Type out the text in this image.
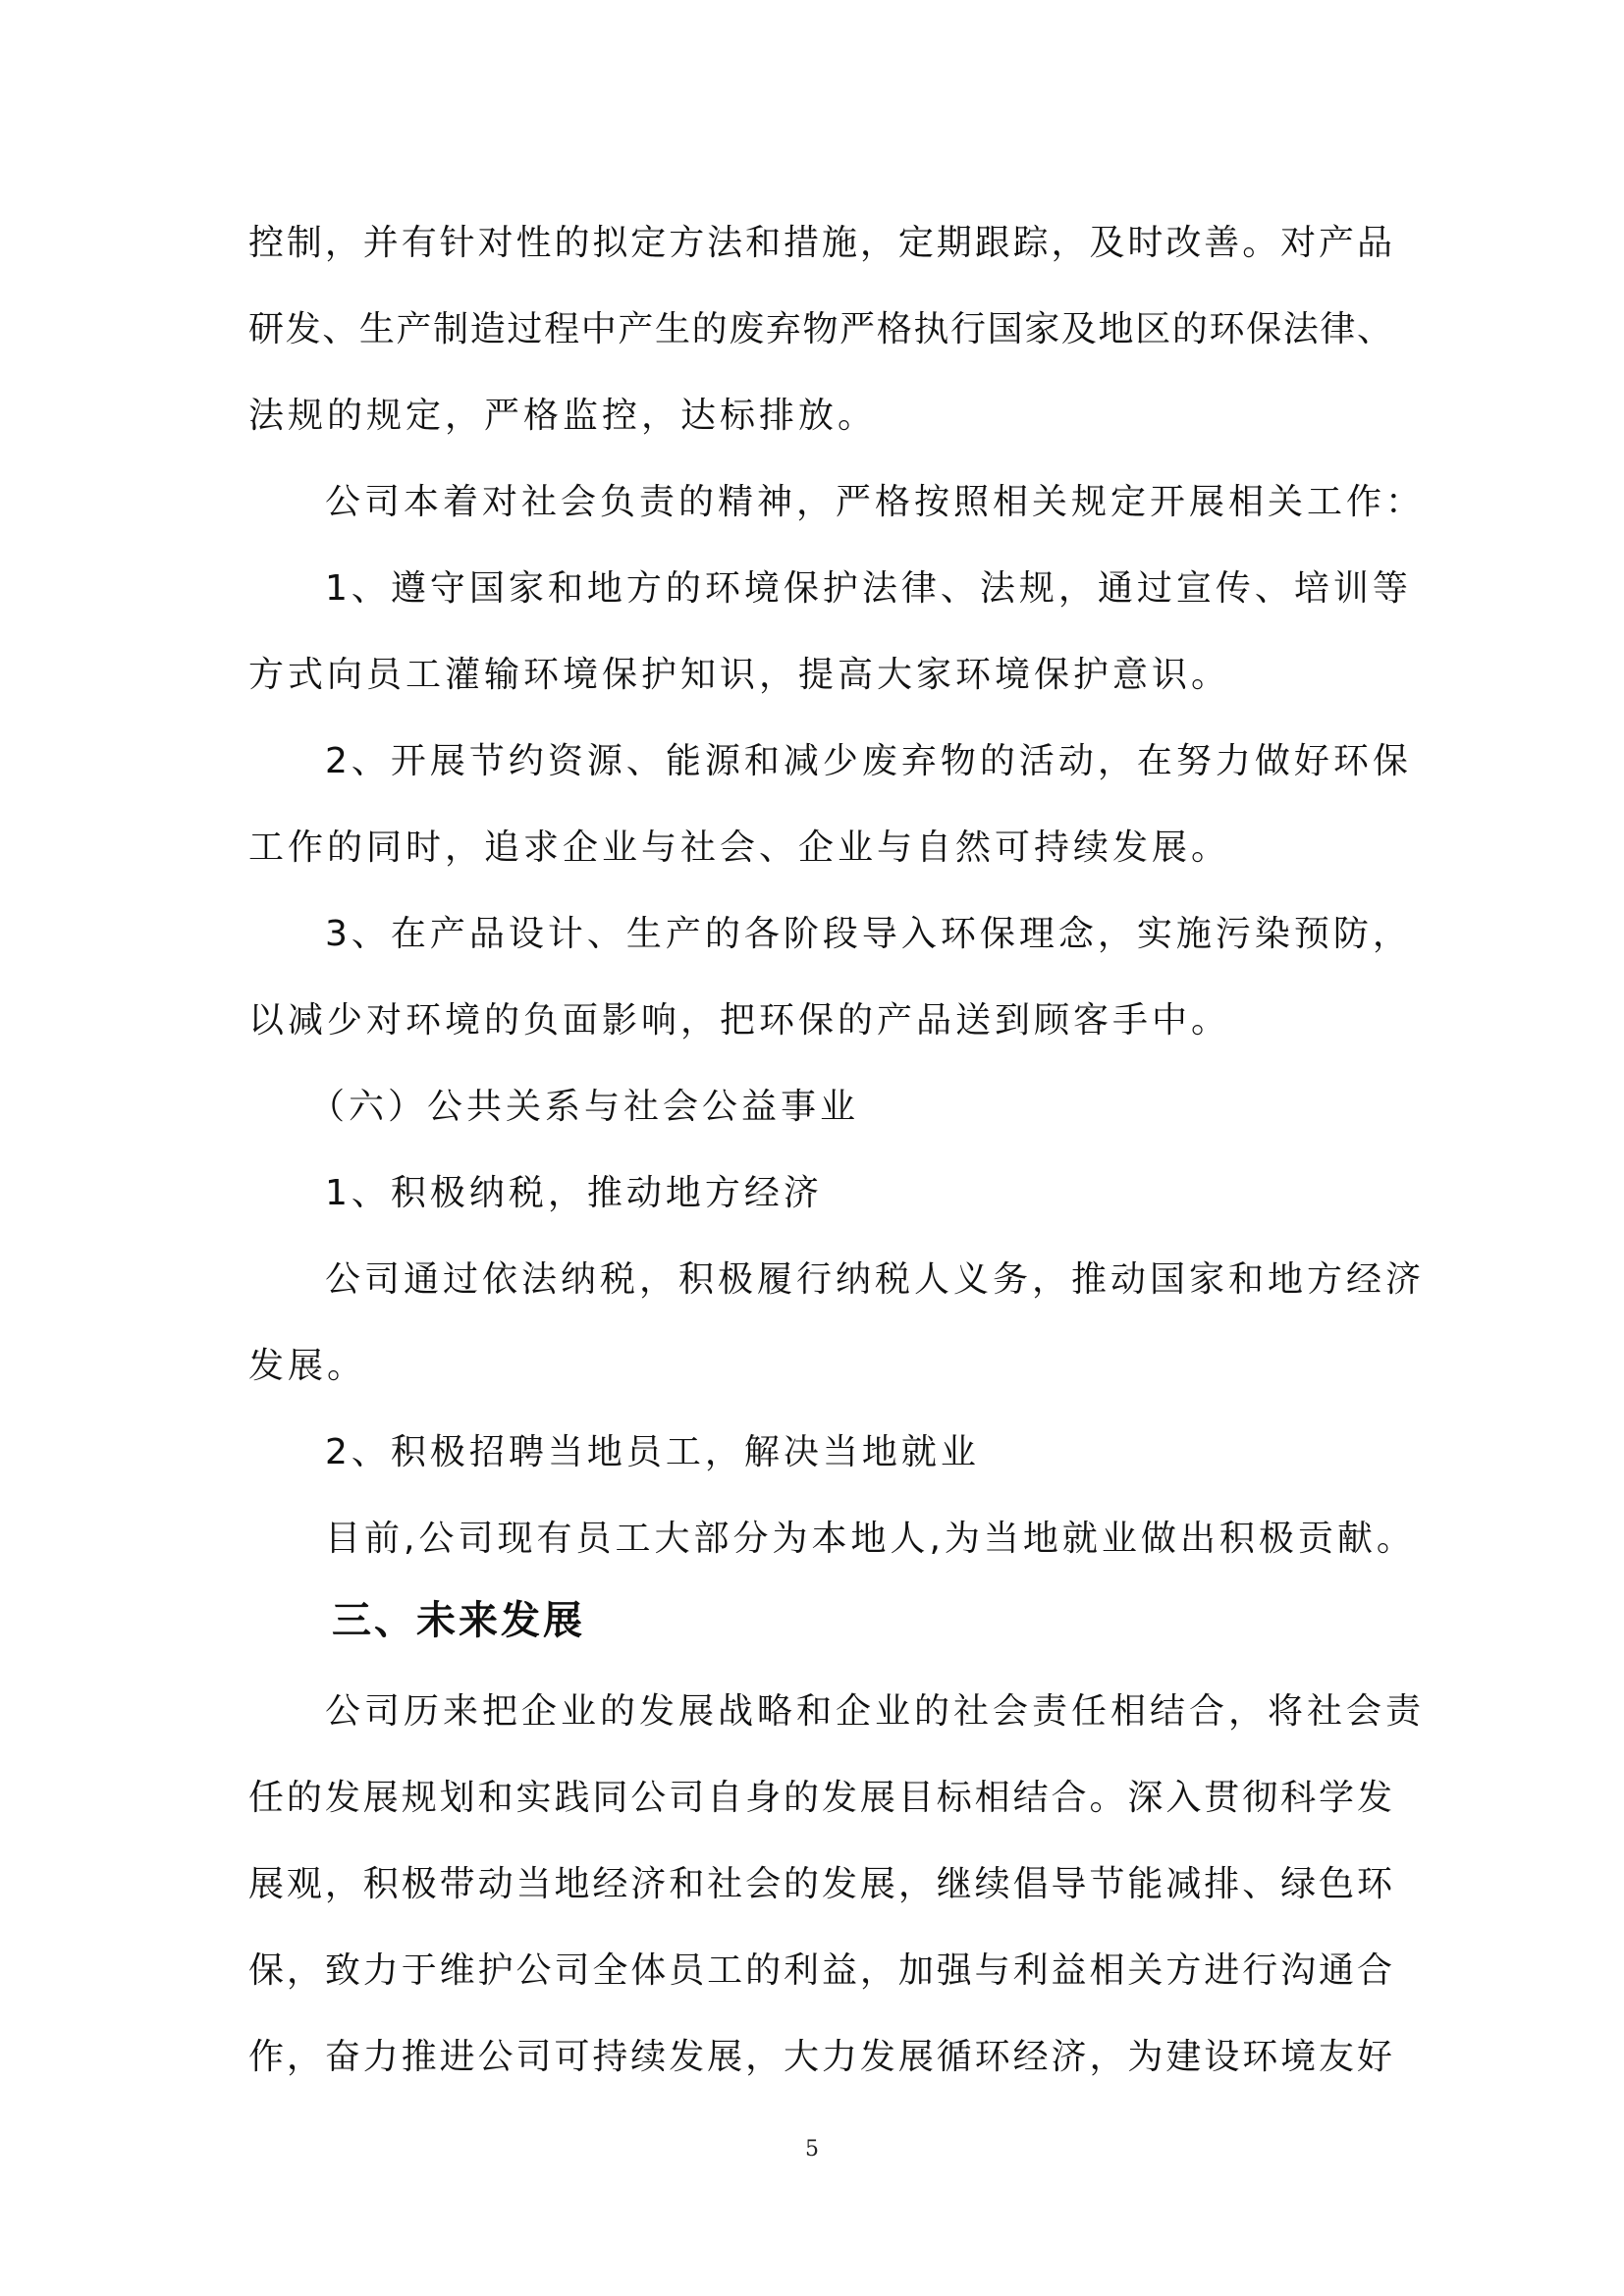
控制，并有针对性的拟定方法和措施，定期跟踪，及时改善。对产品
研发、生产制造过程中产生的废弃物严格执行国家及地区的环保法律、
法规的规定，严格监控，达标排放。
公司本着对社会负责的精神，严格按照相关规定开展相关工作：
1、遵守国家和地方的环境保护法律、法规，通过宣传、培训等
方式向员工灌输环境保护知识，提高大家环境保护意识。
2、开展节约资源、能源和减少废弃物的活动，在努力做好环保
工作的同时，追求企业与社会、企业与自然可持续发展。
3、在产品设计、生产的各阶段导入环保理念，实施污染预防，
以减少对环境的负面影响，把环保的产品送到顾客手中。
（六）公共关系与社会公益事业
1、积极纳税，推动地方经济
公司通过依法纳税，积极履行纳税人义务，推动国家和地方经济
发展。
2、积极招聘当地员工，解决当地就业
目前,公司现有员工大部分为本地人,为当地就业做出积极贡献。
三、未来发展
公司历来把企业的发展战略和企业的社会责任相结合，将社会责
任的发展规划和实践同公司自身的发展目标相结合。深入贯彻科学发
展观，积极带动当地经济和社会的发展，继续倡导节能减排、绿色环
保，致力于维护公司全体员工的利益，加强与利益相关方进行沟通合
作，奋力推进公司可持续发展，大力发展循环经济，为建设环境友好
5
